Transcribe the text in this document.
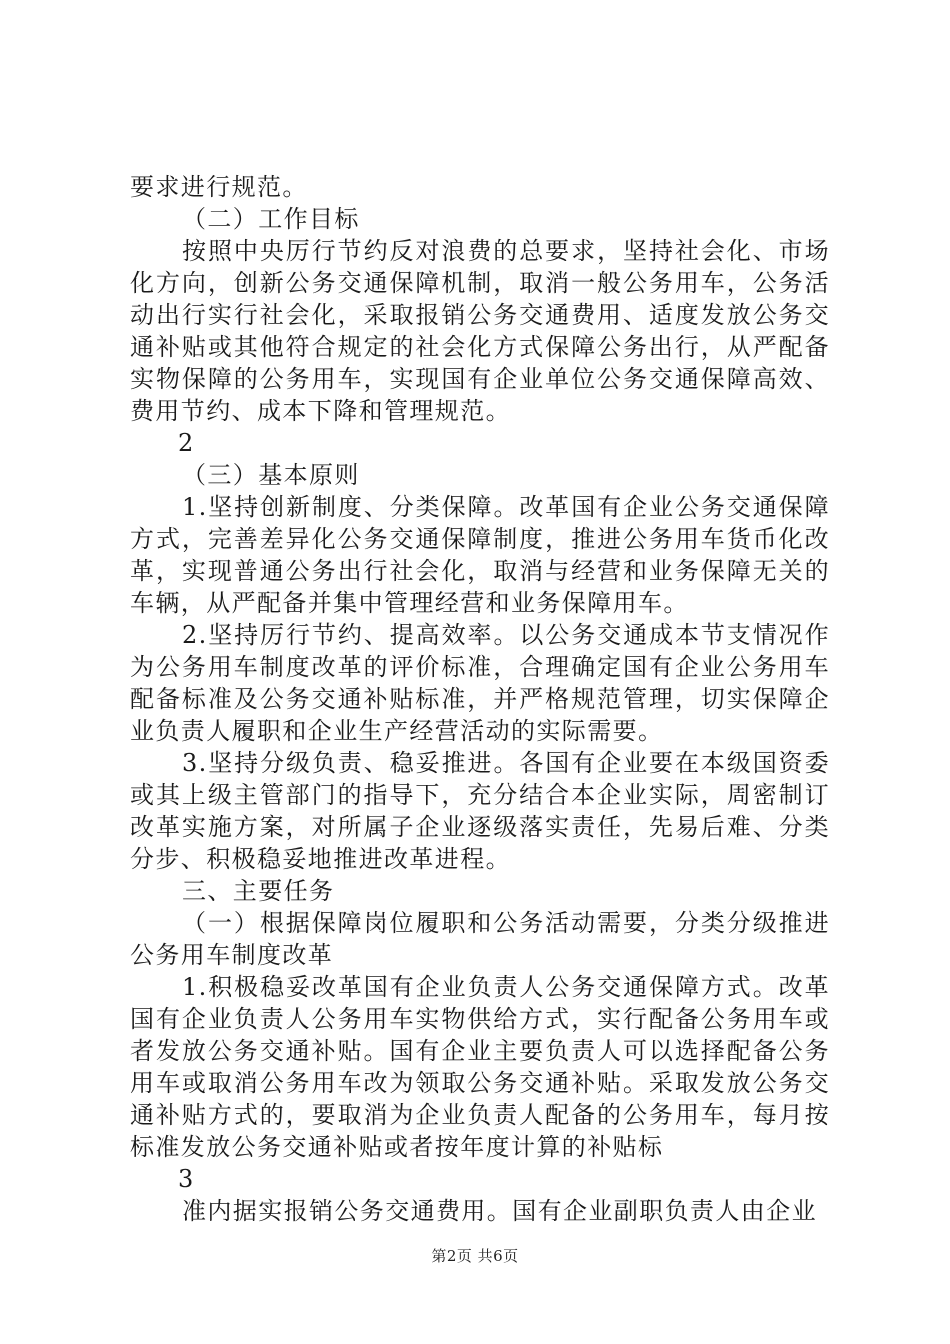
要求进行规范。

（二）工作目标

按照中央厉行节约反对浪费的总要求，坚持社会化、市场化方向，创新公务交通保障机制，取消一般公务用车，公务活动出行实行社会化，采取报销公务交通费用、适度发放公务交通补贴或其他符合规定的社会化方式保障公务出行，从严配备实物保障的公务用车，实现国有企业单位公务交通保障高效、费用节约、成本下降和管理规范。

2

（三）基本原则

1.坚持创新制度、分类保障。改革国有企业公务交通保障方式，完善差异化公务交通保障制度，推进公务用车货币化改革，实现普通公务出行社会化，取消与经营和业务保障无关的车辆，从严配备并集中管理经营和业务保障用车。

2.坚持厉行节约、提高效率。以公务交通成本节支情况作为公务用车制度改革的评价标准，合理确定国有企业公务用车配备标准及公务交通补贴标准，并严格规范管理，切实保障企业负责人履职和企业生产经营活动的实际需要。

3.坚持分级负责、稳妥推进。各国有企业要在本级国资委或其上级主管部门的指导下，充分结合本企业实际，周密制订改革实施方案，对所属子企业逐级落实责任，先易后难、分类分步、积极稳妥地推进改革进程。

三、主要任务

（一）根据保障岗位履职和公务活动需要，分类分级推进公务用车制度改革

1.积极稳妥改革国有企业负责人公务交通保障方式。改革国有企业负责人公务用车实物供给方式，实行配备公务用车或者发放公务交通补贴。国有企业主要负责人可以选择配备公务用车或取消公务用车改为领取公务交通补贴。采取发放公务交通补贴方式的，要取消为企业负责人配备的公务用车，每月按标准发放公务交通补贴或者按年度计算的补贴标

3

准内据实报销公务交通费用。国有企业副职负责人由企业

第2页 共6页
